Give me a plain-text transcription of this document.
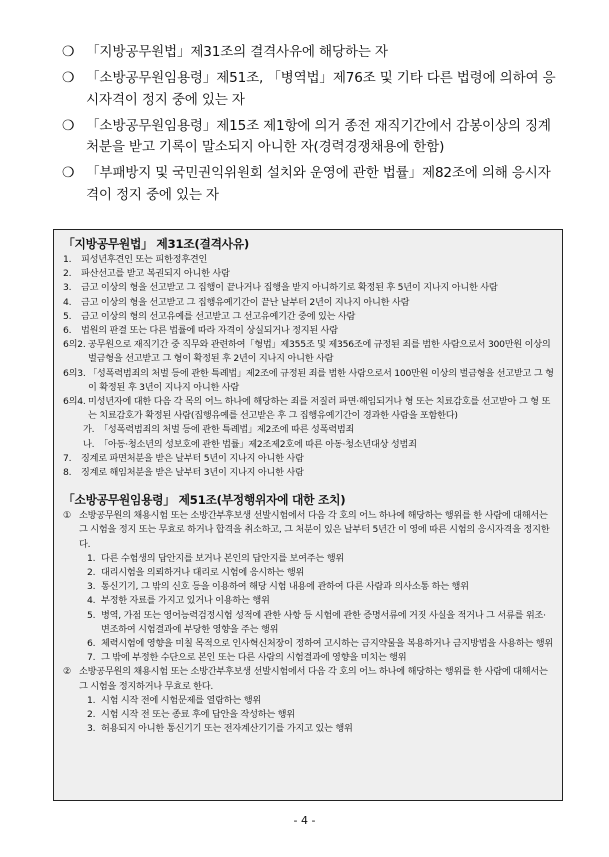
❍ 「지방공무원법」제31조의 결격사유에 해당하는 자
❍ 「소방공무원임용령」제51조, 「병역법」제76조 및 기타 다른 법령에 의하여 응시자격이 정지 중에 있는 자
❍ 「소방공무원임용령」제15조 제1항에 의거 종전 재직기간에서 감봉이상의 징계처분을 받고 기록이 말소되지 아니한 자(경력경쟁채용에 한함)
❍ 「부패방지 및 국민권익위원회 설치와 운영에 관한 법률」제82조에 의해 응시자격이 정지 중에 있는 자
「지방공무원법」 제31조(결격사유)
1. 피성년후견인 또는 피한정후견인
2. 파산선고를 받고 복권되지 아니한 사람
3. 금고 이상의 형을 선고받고 그 집행이 끝나거나 집행을 받지 아니하기로 확정된 후 5년이 지나지 아니한 사람
4. 금고 이상의 형을 선고받고 그 집행유예기간이 끝난 날부터 2년이 지나지 아니한 사람
5. 금고 이상의 형의 선고유예를 선고받고 그 선고유예기간 중에 있는 사람
6. 법원의 판결 또는 다른 법률에 따라 자격이 상실되거나 정지된 사람
6의2. 공무원으로 재직기간 중 직무와 관련하여「형법」제355조 및 제356조에 규정된 죄를 범한 사람으로서 300만원 이상의 벌금형을 선고받고 그 형이 확정된 후 2년이 지나지 아니한 사람
6의3. 「성폭력범죄의 처벌 등에 관한 특례법」제2조에 규정된 죄를 범한 사람으로서 100만원 이상의 벌금형을 선고받고 그 형이 확정된 후 3년이 지나지 아니한 사람
6의4. 미성년자에 대한 다음 각 목의 어느 하나에 해당하는 죄를 저질러 파면·해임되거나 형 또는 치료감호를 선고받아 그 형 또는 치료감호가 확정된 사람(집행유예를 선고받은 후 그 집행유예기간이 경과한 사람을 포함한다)
가. 「성폭력범죄의 처벌 등에 관한 특례법」제2조에 따른 성폭력범죄
나. 「아동·청소년의 성보호에 관한 법률」제2조제2호에 따른 아동·청소년대상 성범죄
7. 징계로 파면처분을 받은 날부터 5년이 지나지 아니한 사람
8. 징계로 해임처분을 받은 날부터 3년이 지나지 아니한 사람
「소방공무원임용령」 제51조(부정행위자에 대한 조치)
① 소방공무원의 채용시험 또는 소방간부후보생 선발시험에서 다음 각 호의 어느 하나에 해당하는 행위를 한 사람에 대해서는 그 시험을 정지 또는 무효로 하거나 합격을 취소하고, 그 처분이 있은 날부터 5년간 이 영에 따른 시험의 응시자격을 정지한다.
1. 다른 수험생의 답안지를 보거나 본인의 답안지를 보여주는 행위
2. 대리시험을 의뢰하거나 대리로 시험에 응시하는 행위
3. 통신기기, 그 밖의 신호 등을 이용하여 해당 시험 내용에 관하여 다른 사람과 의사소통 하는 행위
4. 부정한 자료를 가지고 있거나 이용하는 행위
5. 병역, 가점 또는 영어능력검정시험 성적에 관한 사항 등 시험에 관한 증명서류에 거짓 사실을 적거나 그 서류를 위조·변조하여 시험결과에 부당한 영향을 주는 행위
6. 체력시험에 영향을 미칠 목적으로 인사혁신처장이 정하여 고시하는 금지약물을 복용하거나 금지방법을 사용하는 행위
7. 그 밖에 부정한 수단으로 본인 또는 다른 사람의 시험결과에 영향을 미치는 행위
② 소방공무원의 채용시험 또는 소방간부후보생 선발시험에서 다음 각 호의 어느 하나에 해당하는 행위를 한 사람에 대해서는 그 시험을 정지하거나 무효로 한다.
1. 시험 시작 전에 시험문제를 열람하는 행위
2. 시험 시작 전 또는 종료 후에 답안을 작성하는 행위
3. 허용되지 아니한 통신기기 또는 전자계산기기를 가지고 있는 행위
- 4 -
